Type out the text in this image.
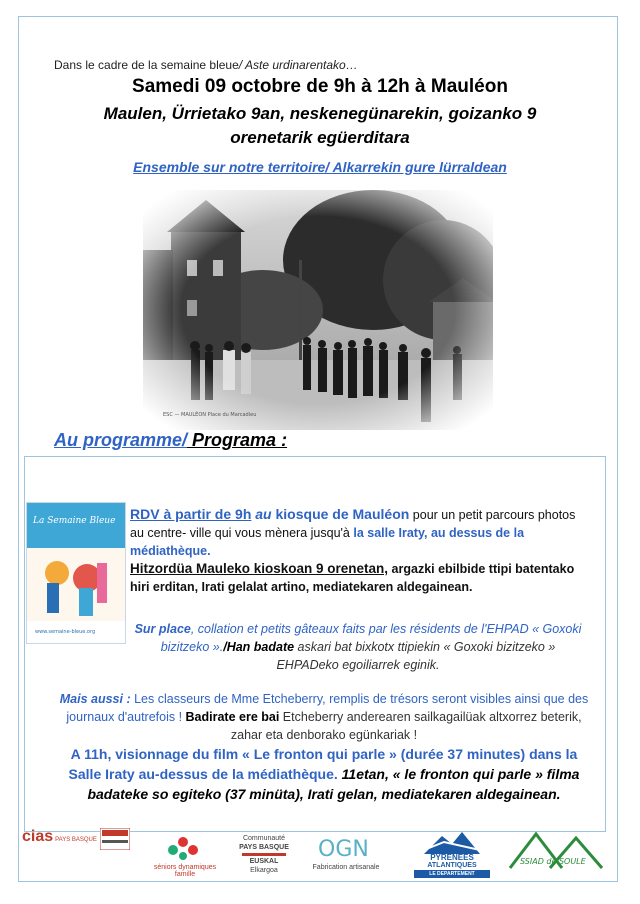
Dans le cadre de la semaine bleue/ Aste urdinarentako…
Samedi 09 octobre de 9h à 12h à Mauléon
Maulen, Ürrietako 9an, neskenegünarekin, goizanko 9
orenetarik egüerditara
Ensemble sur notre territoire/ Alkarrekin gure lürraldean
ESC — MAULÉON Place du Marcadieu
Au programme/ Programa :
La Semaine Bleue
www.semaine-bleue.org
RDV à partir de 9h au kiosque de Mauléon pour un petit parcours photos au centre- ville qui vous mènera jusqu'à la salle Iraty, au dessus de la médiathèque.
Hitzordüa Mauleko kioskoan 9 orenetan, argazki ebilbide ttipi batentako hiri erditan, Irati gelalat artino, mediatekaren aldegainean.
Sur place, collation et petits gâteaux faits par les résidents de l'EHPAD « Goxoki bizitzeko »./Han badate askari bat bixkotx ttipiekin « Goxoki bizitzeko » EHPADeko egoiliarrek eginik.
Mais aussi : Les classeurs de Mme Etcheberry, remplis de trésors seront visibles ainsi que des journaux d'autrefois ! Badirate ere bai Etcheberry anderearen sailkagailüak altxorrez beterik, zahar eta denborako egünkariak !
A 11h, visionnage du film « Le fronton qui parle » (durée 37 minutes) dans la Salle Iraty au-dessus de la médiathèque. 11etan, « le fronton qui parle » filma badateke so egiteko (37 minüta), Irati gelan, mediatekaren aldegainean.
cias PAYS BASQUE
séniors dynamiques famille
Communauté
PAYS BASQUE
EUSKAL
Elkargoa
OGN
Fabrication artisanale
PYRENEES
ATLANTIQUES
LE DEPARTEMENT
SSIAD de SOULE
